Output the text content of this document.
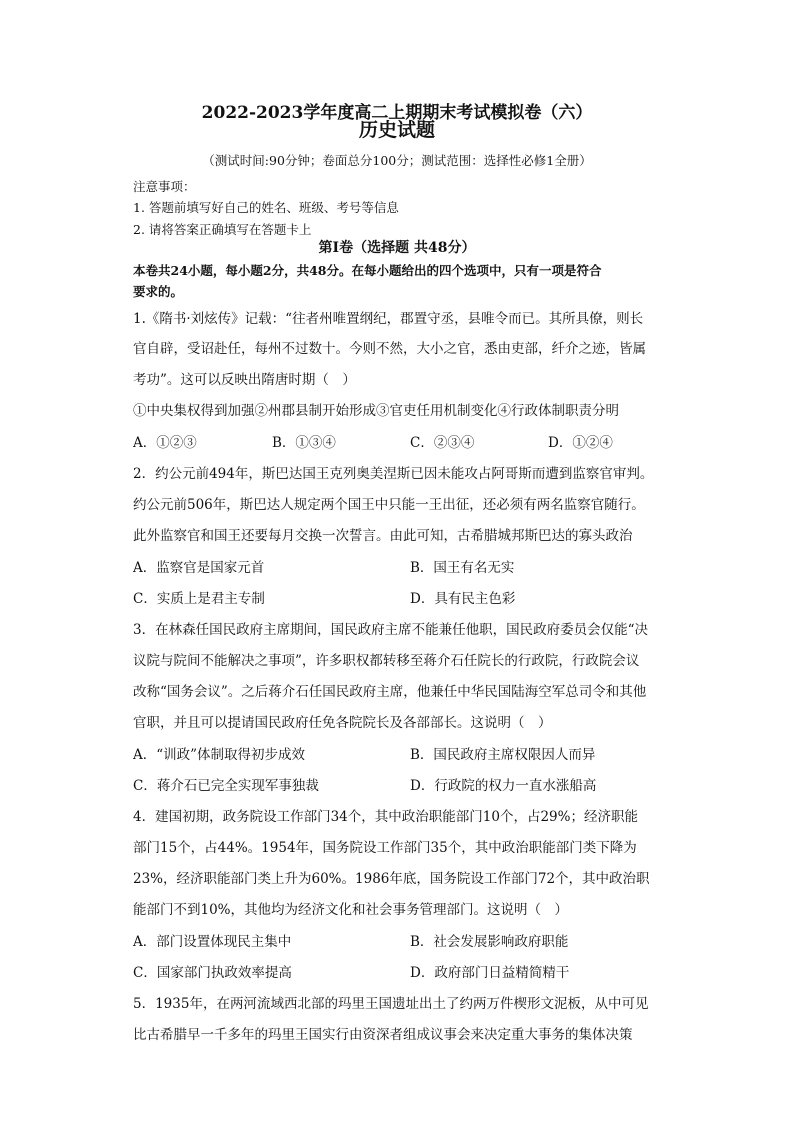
2022-2023学年度高二上期期末考试模拟卷（六）
历史试题
（测试时间:90分钟；卷面总分100分；测试范围：选择性必修1全册）
注意事项：
1. 答题前填写好自己的姓名、班级、考号等信息
2. 请将答案正确填写在答题卡上
第I卷（选择题 共48分）
本卷共24小题，每小题2分，共48分。在每小题给出的四个选项中，只有一项是符合
要求的。
1.《隋书·刘炫传》记载：“往者州唯置纲纪，郡置守丞，县唯令而已。其所具僚，则长
官自辟，受诏赴任，每州不过数十。今则不然，大小之官，悉由吏部，纤介之迹，皆属
考功”。这可以反映出隋唐时期（　）
①中央集权得到加强②州郡县制开始形成③官吏任用机制变化④行政体制职责分明
A．①②③	B．①③④	C．②③④	D．①②④
2．约公元前494年，斯巴达国王克列奥美涅斯已因未能攻占阿哥斯而遭到监察官审判。
约公元前506年，斯巴达人规定两个国王中只能一王出征，还必须有两名监察官随行。
此外监察官和国王还要每月交换一次誓言。由此可知，古希腊城邦斯巴达的寡头政治
A．监察官是国家元首	B．国王有名无实
C．实质上是君主专制	D．具有民主色彩
3．在林森任国民政府主席期间，国民政府主席不能兼任他职，国民政府委员会仅能“决
议院与院间不能解决之事项”，许多职权都转移至蒋介石任院长的行政院，行政院会议
改称“国务会议”。之后蒋介石任国民政府主席，他兼任中华民国陆海空军总司令和其他
官职，并且可以提请国民政府任免各院院长及各部部长。这说明（　）
A．“训政”体制取得初步成效	B．国民政府主席权限因人而异
C．蒋介石已完全实现军事独裁	D．行政院的权力一直水涨船高
4．建国初期，政务院设工作部门34个，其中政治职能部门10个，占29%；经济职能
部门15个，占44%。1954年，国务院设工作部门35个，其中政治职能部门类下降为
23%，经济职能部门类上升为60%。1986年底，国务院设工作部门72个，其中政治职
能部门不到10%，其他均为经济文化和社会事务管理部门。这说明（　）
A．部门设置体现民主集中	B．社会发展影响政府职能
C．国家部门执政效率提高	D．政府部门日益精简精干
5．1935年，在两河流域西北部的玛里王国遗址出土了约两万件楔形文泥板，从中可见
比古希腊早一千多年的玛里王国实行由资深者组成议事会来决定重大事务的集体决策
